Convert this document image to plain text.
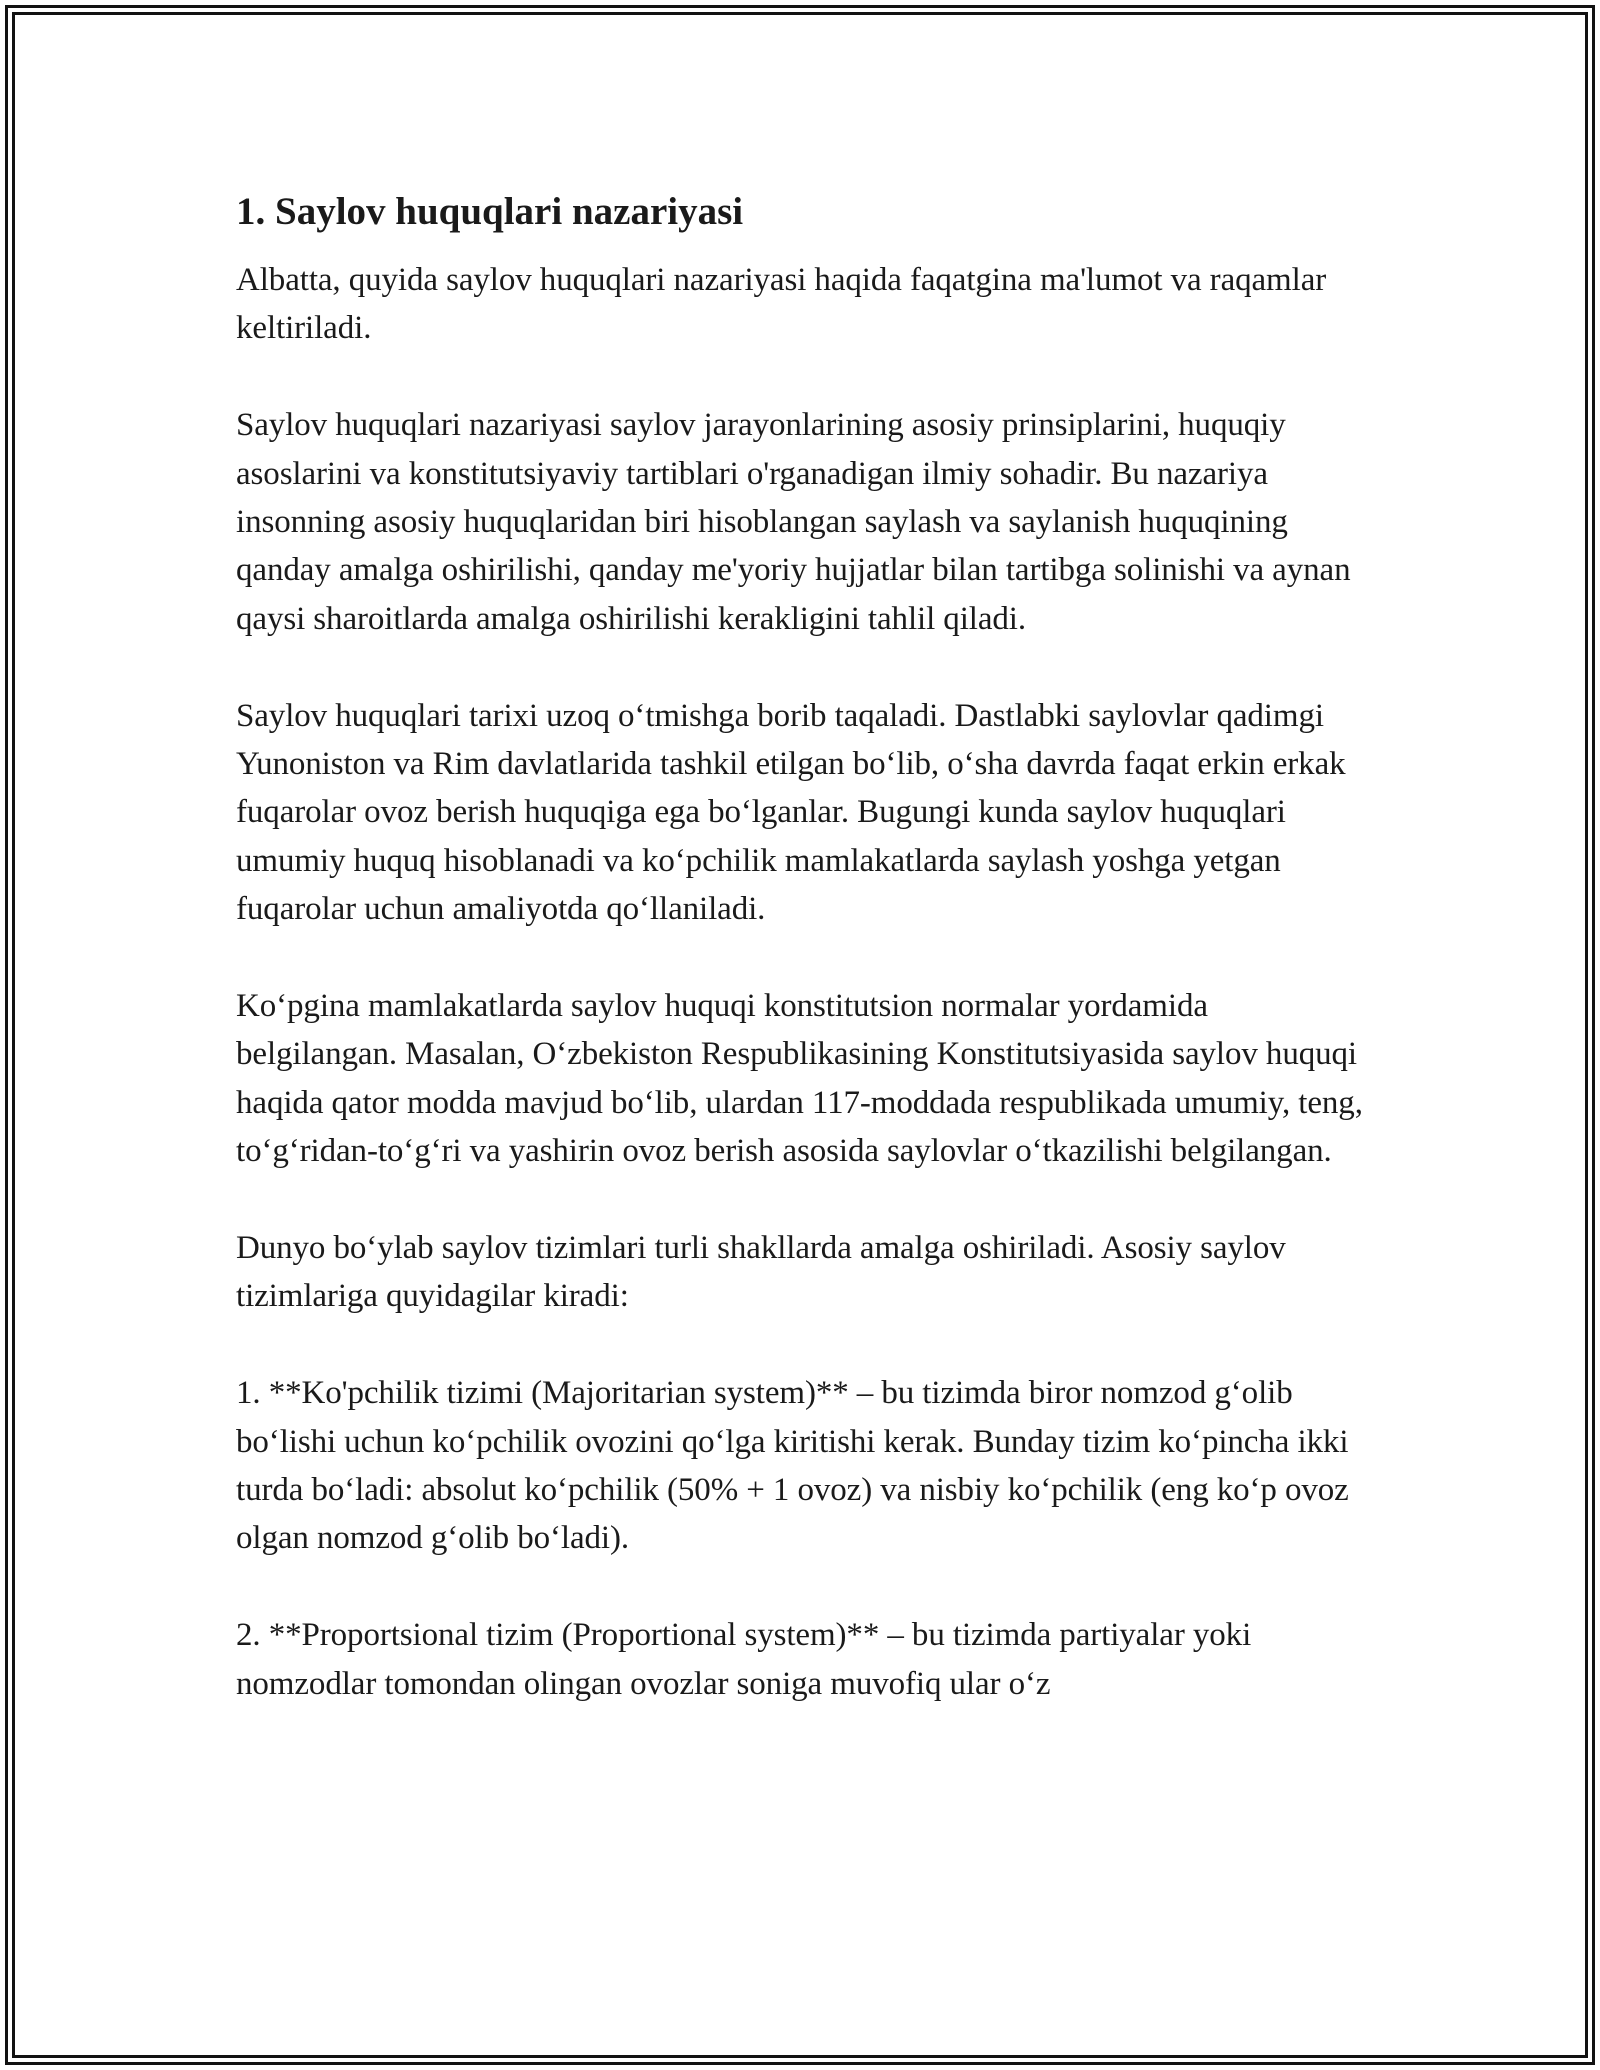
1. Saylov huquqlari nazariyasi

Albatta, quyida saylov huquqlari nazariyasi haqida faqatgina ma'lumot va raqamlar keltiriladi.

Saylov huquqlari nazariyasi saylov jarayonlarining asosiy prinsiplarini, huquqiy asoslarini va konstitutsiyaviy tartiblari o'rganadigan ilmiy sohadir. Bu nazariya insonning asosiy huquqlaridan biri hisoblangan saylash va saylanish huquqining qanday amalga oshirilishi, qanday me'yoriy hujjatlar bilan tartibga solinishi va aynan qaysi sharoitlarda amalga oshirilishi kerakligini tahlil qiladi.

Saylov huquqlari tarixi uzoq o‘tmishga borib taqaladi. Dastlabki saylovlar qadimgi Yunoniston va Rim davlatlarida tashkil etilgan bo‘lib, o‘sha davrda faqat erkin erkak fuqarolar ovoz berish huquqiga ega bo‘lganlar. Bugungi kunda saylov huquqlari umumiy huquq hisoblanadi va ko‘pchilik mamlakatlarda saylash yoshga yetgan fuqarolar uchun amaliyotda qo‘llaniladi.

Ko‘pgina mamlakatlarda saylov huquqi konstitutsion normalar yordamida belgilangan. Masalan, O‘zbekiston Respublikasining Konstitutsiyasida saylov huquqi haqida qator modda mavjud bo‘lib, ulardan 117-moddada respublikada umumiy, teng, to‘g‘ridan-to‘g‘ri va yashirin ovoz berish asosida saylovlar o‘tkazilishi belgilangan.

Dunyo bo‘ylab saylov tizimlari turli shakllarda amalga oshiriladi. Asosiy saylov tizimlariga quyidagilar kiradi:

1. **Ko'pchilik tizimi (Majoritarian system)** – bu tizimda biror nomzod g‘olib bo‘lishi uchun ko‘pchilik ovozini qo‘lga kiritishi kerak. Bunday tizim ko‘pincha ikki turda bo‘ladi: absolut ko‘pchilik (50% + 1 ovoz) va nisbiy ko‘pchilik (eng ko‘p ovoz olgan nomzod g‘olib bo‘ladi).

2. **Proportsional tizim (Proportional system)** – bu tizimda partiyalar yoki nomzodlar tomondan olingan ovozlar soniga muvofiq ular o‘z
